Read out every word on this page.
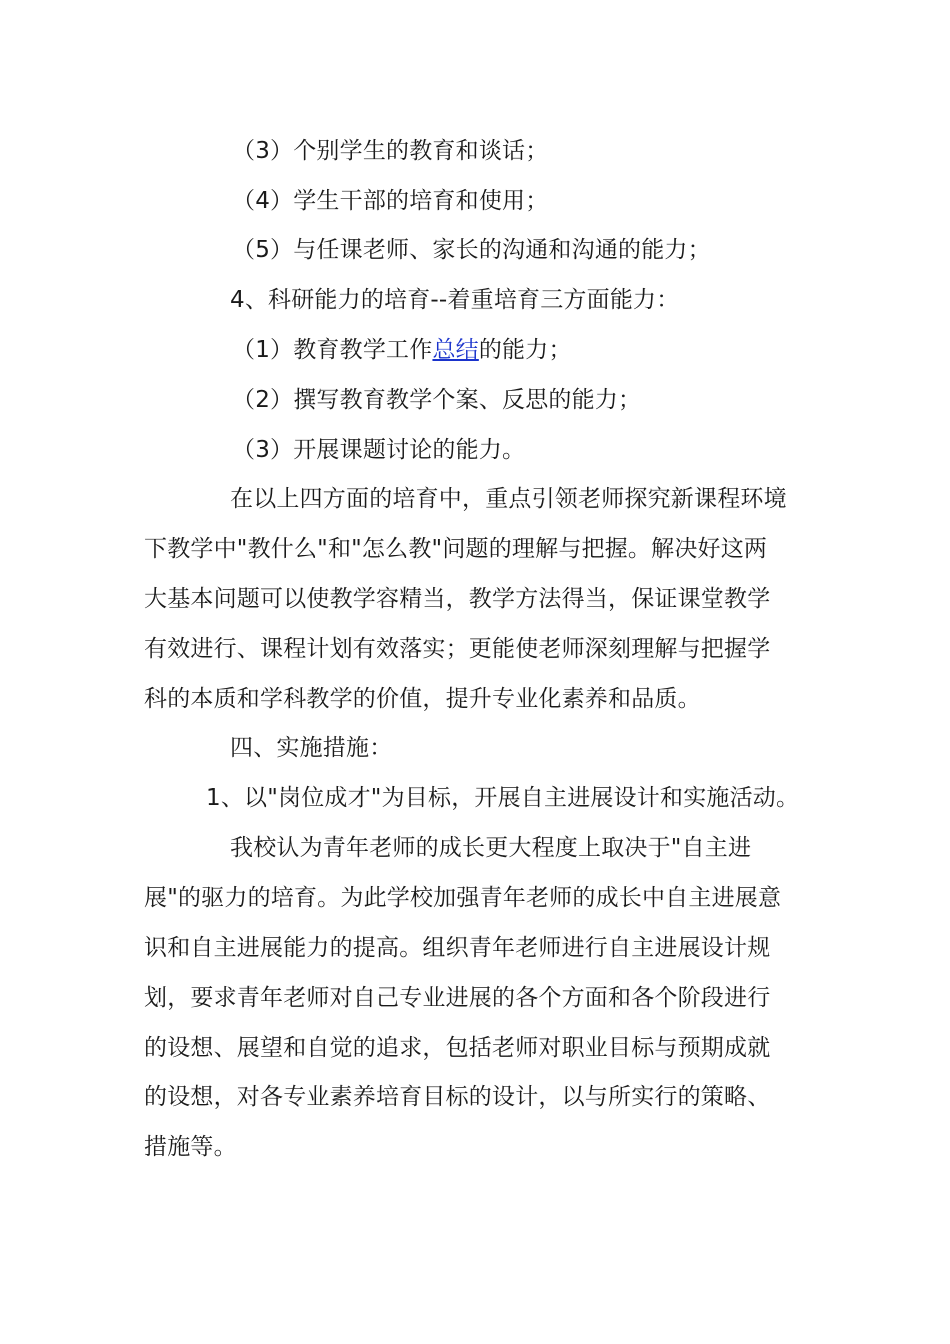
（3）个别学生的教育和谈话；
（4）学生干部的培育和使用；
（5）与任课老师、家长的沟通和沟通的能力；
4、科研能力的培育--着重培育三方面能力：
（1）教育教学工作总结的能力；
（2）撰写教育教学个案、反思的能力；
（3）开展课题讨论的能力。
在以上四方面的培育中，重点引领老师探究新课程环境
下教学中"教什么"和"怎么教"问题的理解与把握。解决好这两
大基本问题可以使教学容精当，教学方法得当，保证课堂教学
有效进行、课程计划有效落实；更能使老师深刻理解与把握学
科的本质和学科教学的价值，提升专业化素养和品质。
四、实施措施：
1、以"岗位成才"为目标，开展自主进展设计和实施活动。
我校认为青年老师的成长更大程度上取决于"自主进
展"的驱力的培育。为此学校加强青年老师的成长中自主进展意
识和自主进展能力的提高。组织青年老师进行自主进展设计规
划，要求青年老师对自己专业进展的各个方面和各个阶段进行
的设想、展望和自觉的追求，包括老师对职业目标与预期成就
的设想，对各专业素养培育目标的设计，以与所实行的策略、
措施等。
